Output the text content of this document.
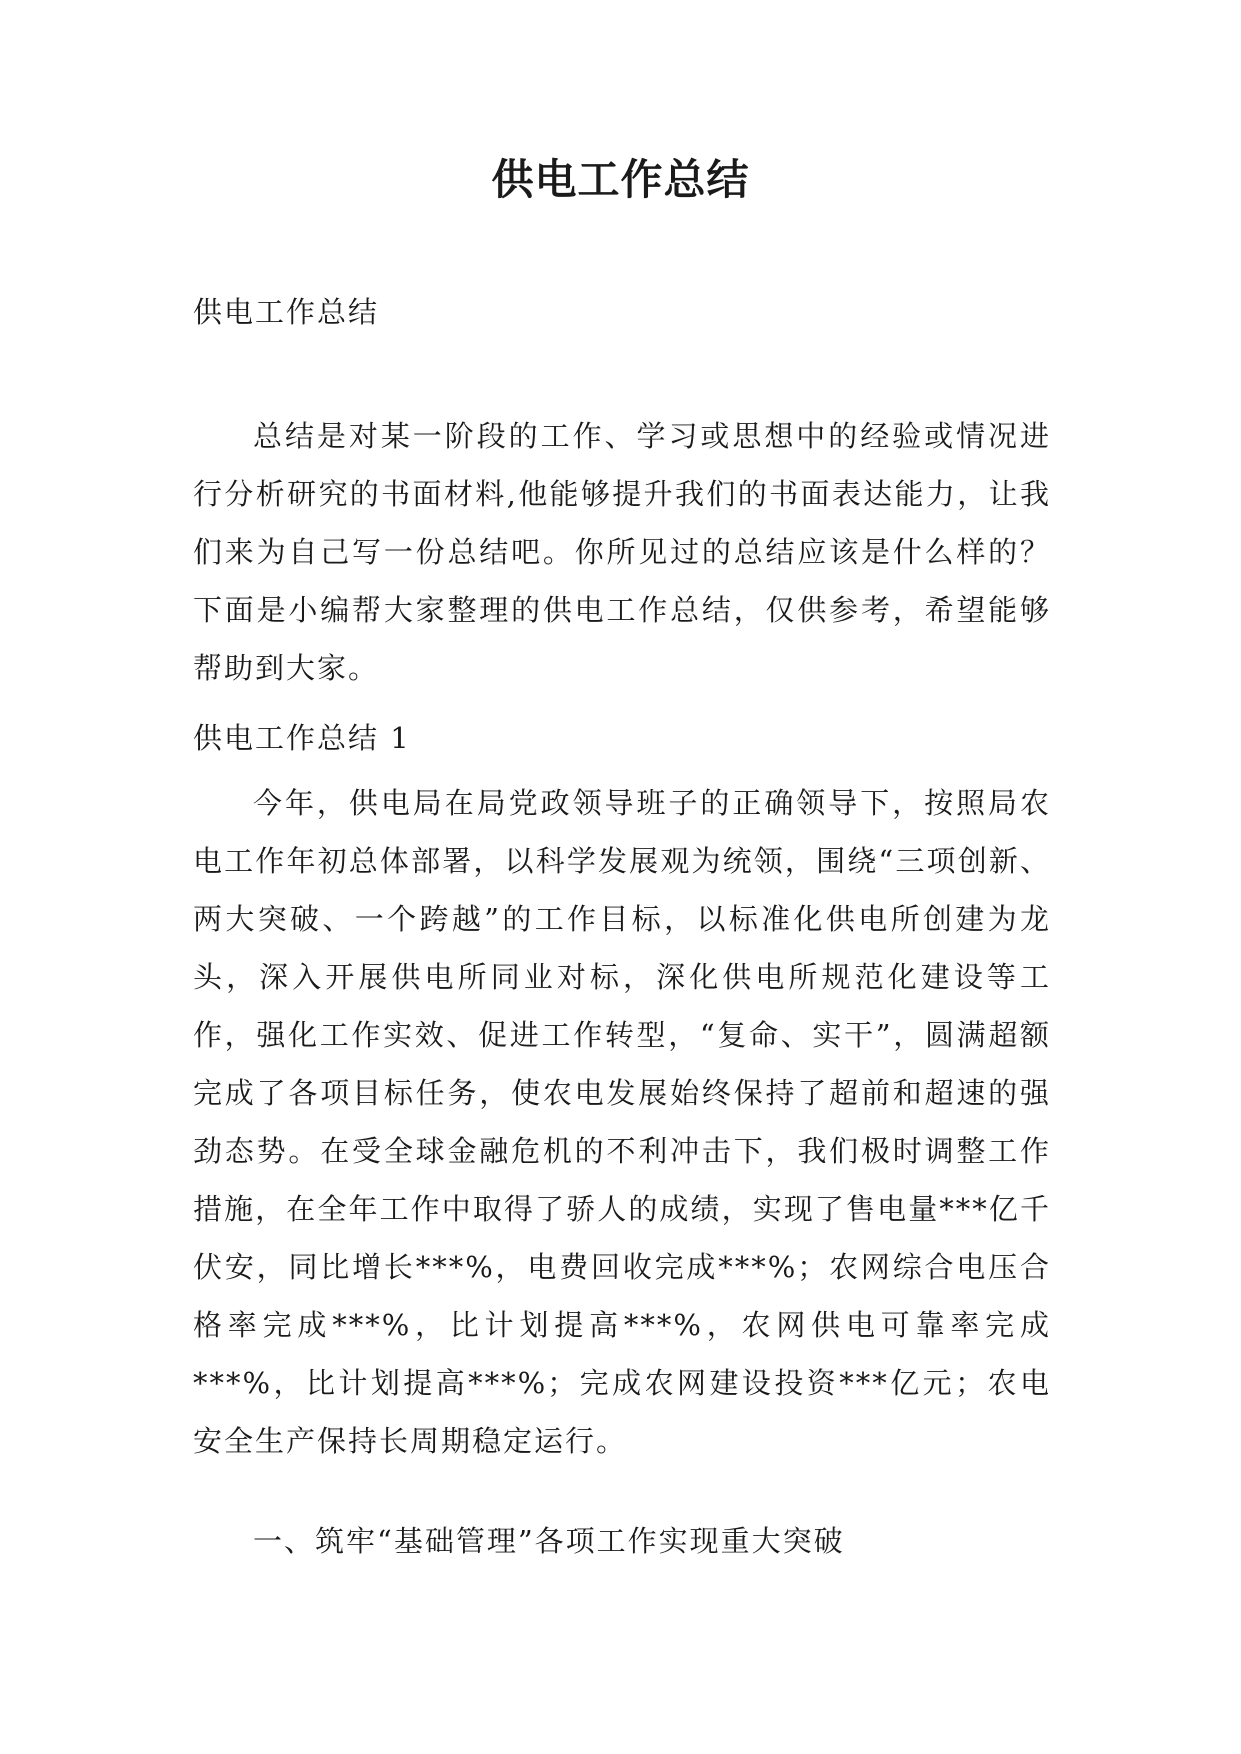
供电工作总结

供电工作总结

总结是对某一阶段的工作、学习或思想中的经验或情况进行分析研究的书面材料,他能够提升我们的书面表达能力，让我们来为自己写一份总结吧。你所见过的总结应该是什么样的？下面是小编帮大家整理的供电工作总结，仅供参考，希望能够帮助到大家。

供电工作总结 1

今年，供电局在局党政领导班子的正确领导下，按照局农电工作年初总体部署，以科学发展观为统领，围绕“三项创新、两大突破、一个跨越”的工作目标，以标准化供电所创建为龙头，深入开展供电所同业对标，深化供电所规范化建设等工作，强化工作实效、促进工作转型，“复命、实干”，圆满超额完成了各项目标任务，使农电发展始终保持了超前和超速的强劲态势。在受全球金融危机的不利冲击下，我们极时调整工作措施，在全年工作中取得了骄人的成绩，实现了售电量***亿千伏安，同比增长***%，电费回收完成***%；农网综合电压合格率完成***%，比计划提高***%，农网供电可靠率完成***%，比计划提高***%；完成农网建设投资***亿元；农电安全生产保持长周期稳定运行。

一、筑牢“基础管理”各项工作实现重大突破
